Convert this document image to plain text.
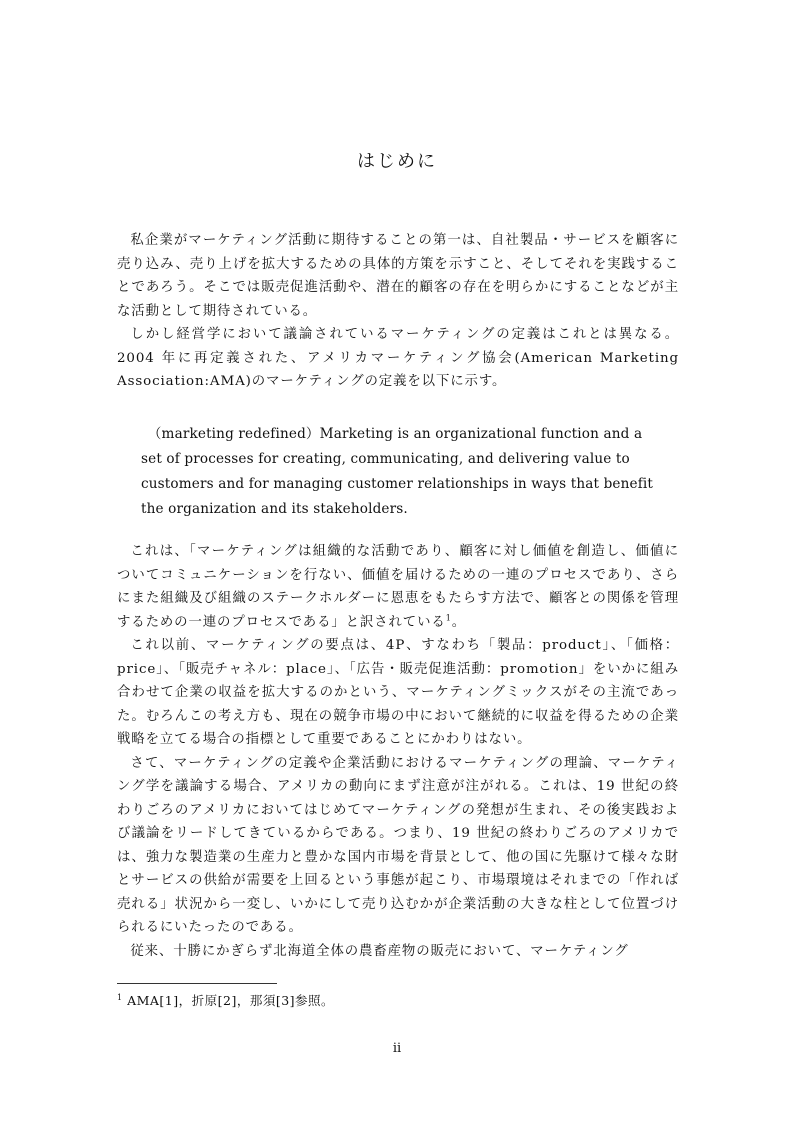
はじめに

私企業がマーケティング活動に期待することの第一は、自社製品・サービスを顧客に売り込み、売り上げを拡大するための具体的方策を示すこと、そしてそれを実践することであろう。そこでは販売促進活動や、潜在的顧客の存在を明らかにすることなどが主な活動として期待されている。

しかし経営学において議論されているマーケティングの定義はこれとは異なる。2004 年に再定義された、アメリカマーケティング協会(American Marketing Association:AMA)のマーケティングの定義を以下に示す。

（marketing redefined）Marketing is an organizational function and a set of processes for creating, communicating, and delivering value to customers and for managing customer relationships in ways that benefit the organization and its stakeholders.

これは、「マーケティングは組織的な活動であり、顧客に対し価値を創造し、価値についてコミュニケーションを行ない、価値を届けるための一連のプロセスであり、さらにまた組織及び組織のステークホルダーに恩恵をもたらす方法で、顧客との関係を管理するための一連のプロセスである」と訳されている$^1$。

これ以前、マーケティングの要点は、4P、すなわち「製品：product」、「価格：price」、「販売チャネル：place」、「広告・販売促進活動：promotion」をいかに組み合わせて企業の収益を拡大するのかという、マーケティングミックスがその主流であった。むろんこの考え方も、現在の競争市場の中において継続的に収益を得るための企業戦略を立てる場合の指標として重要であることにかわりはない。

さて、マーケティングの定義や企業活動におけるマーケティングの理論、マーケティング学を議論する場合、アメリカの動向にまず注意が注がれる。これは、19 世紀の終わりごろのアメリカにおいてはじめてマーケティングの発想が生まれ、その後実践および議論をリードしてきているからである。つまり、19 世紀の終わりごろのアメリカでは、強力な製造業の生産力と豊かな国内市場を背景として、他の国に先駆けて様々な財とサービスの供給が需要を上回るという事態が起こり、市場環境はそれまでの「作れば売れる」状況から一変し、いかにして売り込むかが企業活動の大きな柱として位置づけられるにいたったのである。

従来、十勝にかぎらず北海道全体の農畜産物の販売において、マーケティング

$^1$ AMA[1]，折原[2]，那須[3]参照。
ii
